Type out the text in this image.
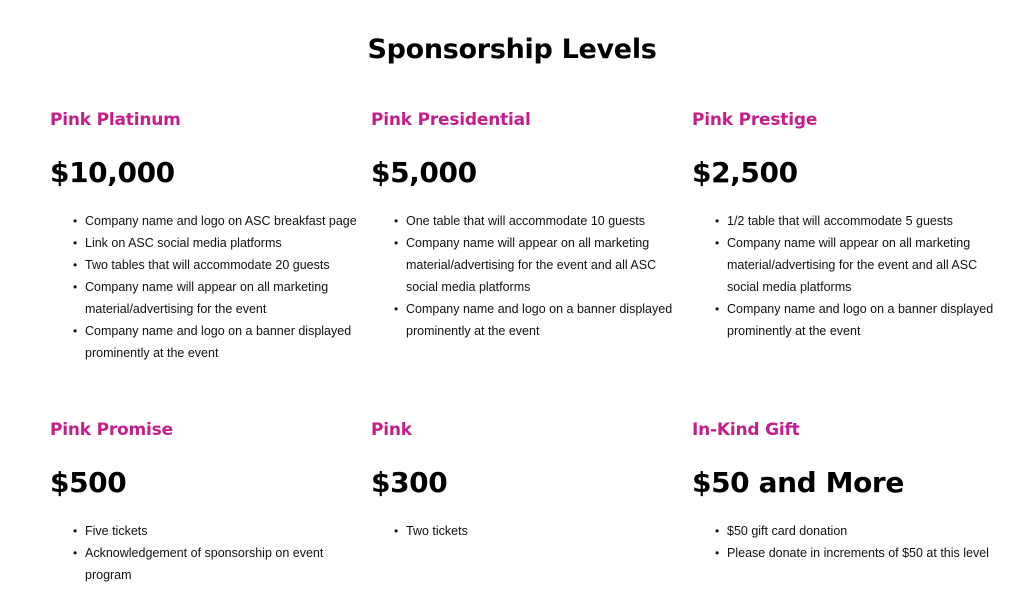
Sponsorship Levels
Pink Platinum
$10,000
• Company name and logo on ASC breakfast page
• Link on ASC social media platforms
• Two tables that will accommodate 20 guests
• Company name will appear on all marketing material/advertising for the event
• Company name and logo on a banner displayed prominently at the event
Pink Presidential
$5,000
• One table that will accommodate 10 guests
• Company name will appear on all marketing material/advertising for the event and all ASC social media platforms
• Company name and logo on a banner displayed prominently at the event
Pink Prestige
$2,500
• 1/2 table that will accommodate 5 guests
• Company name will appear on all marketing material/advertising for the event and all ASC social media platforms
• Company name and logo on a banner displayed prominently at the event
Pink Promise
$500
• Five tickets
• Acknowledgement of sponsorship on event program
Pink
$300
• Two tickets
In-Kind Gift
$50 and More
• $50 gift card donation
• Please donate in increments of $50 at this level
